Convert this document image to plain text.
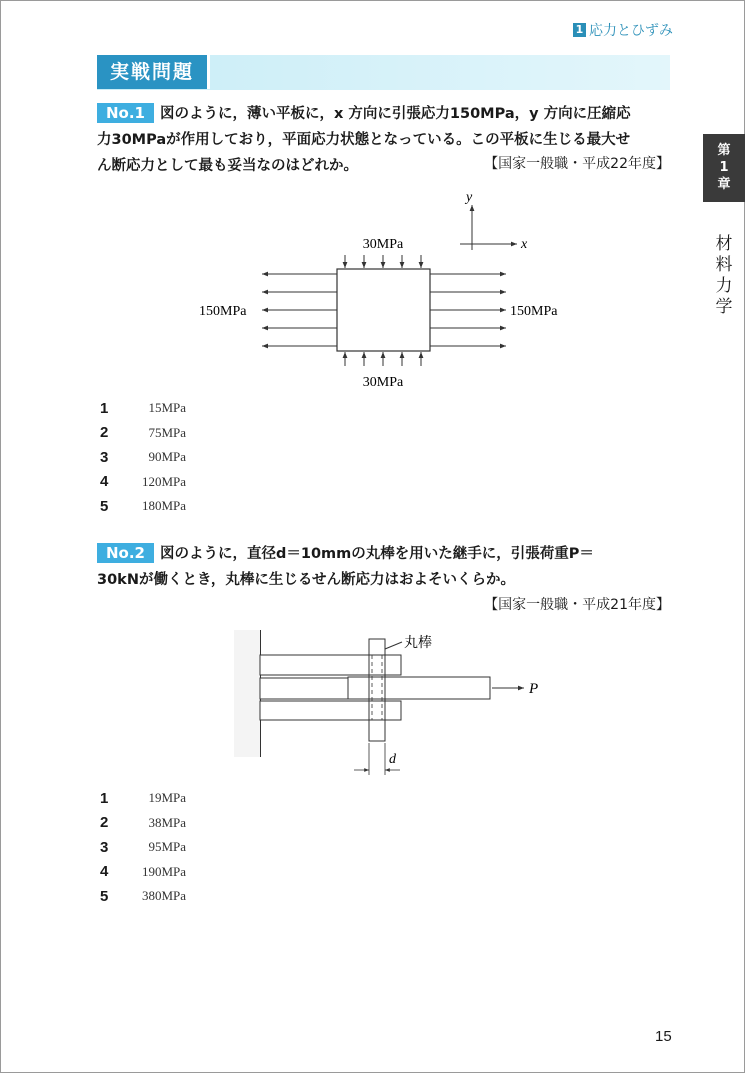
1 応力とひずみ
実戦問題
第
1
章
材料力学
No.1 図のように，薄い平板に，x 方向に引張応力150MPa，y 方向に圧縮応
力30MPaが作用しており，平面応力状態となっている。この平板に生じる最大せ
ん断応力として最も妥当なのはどれか。	【国家一般職・平成22年度】
y
x
30MPa
30MPa
150MPa	150MPa
1	15MPa
2	75MPa
3	90MPa
4	120MPa
5	180MPa
No.2 図のように，直径d＝10mmの丸棒を用いた継手に，引張荷重P＝
30kNが働くとき，丸棒に生じるせん断応力はおよそいくらか。
【国家一般職・平成21年度】
丸棒
P
d
1	19MPa
2	38MPa
3	95MPa
4	190MPa
5	380MPa
15
